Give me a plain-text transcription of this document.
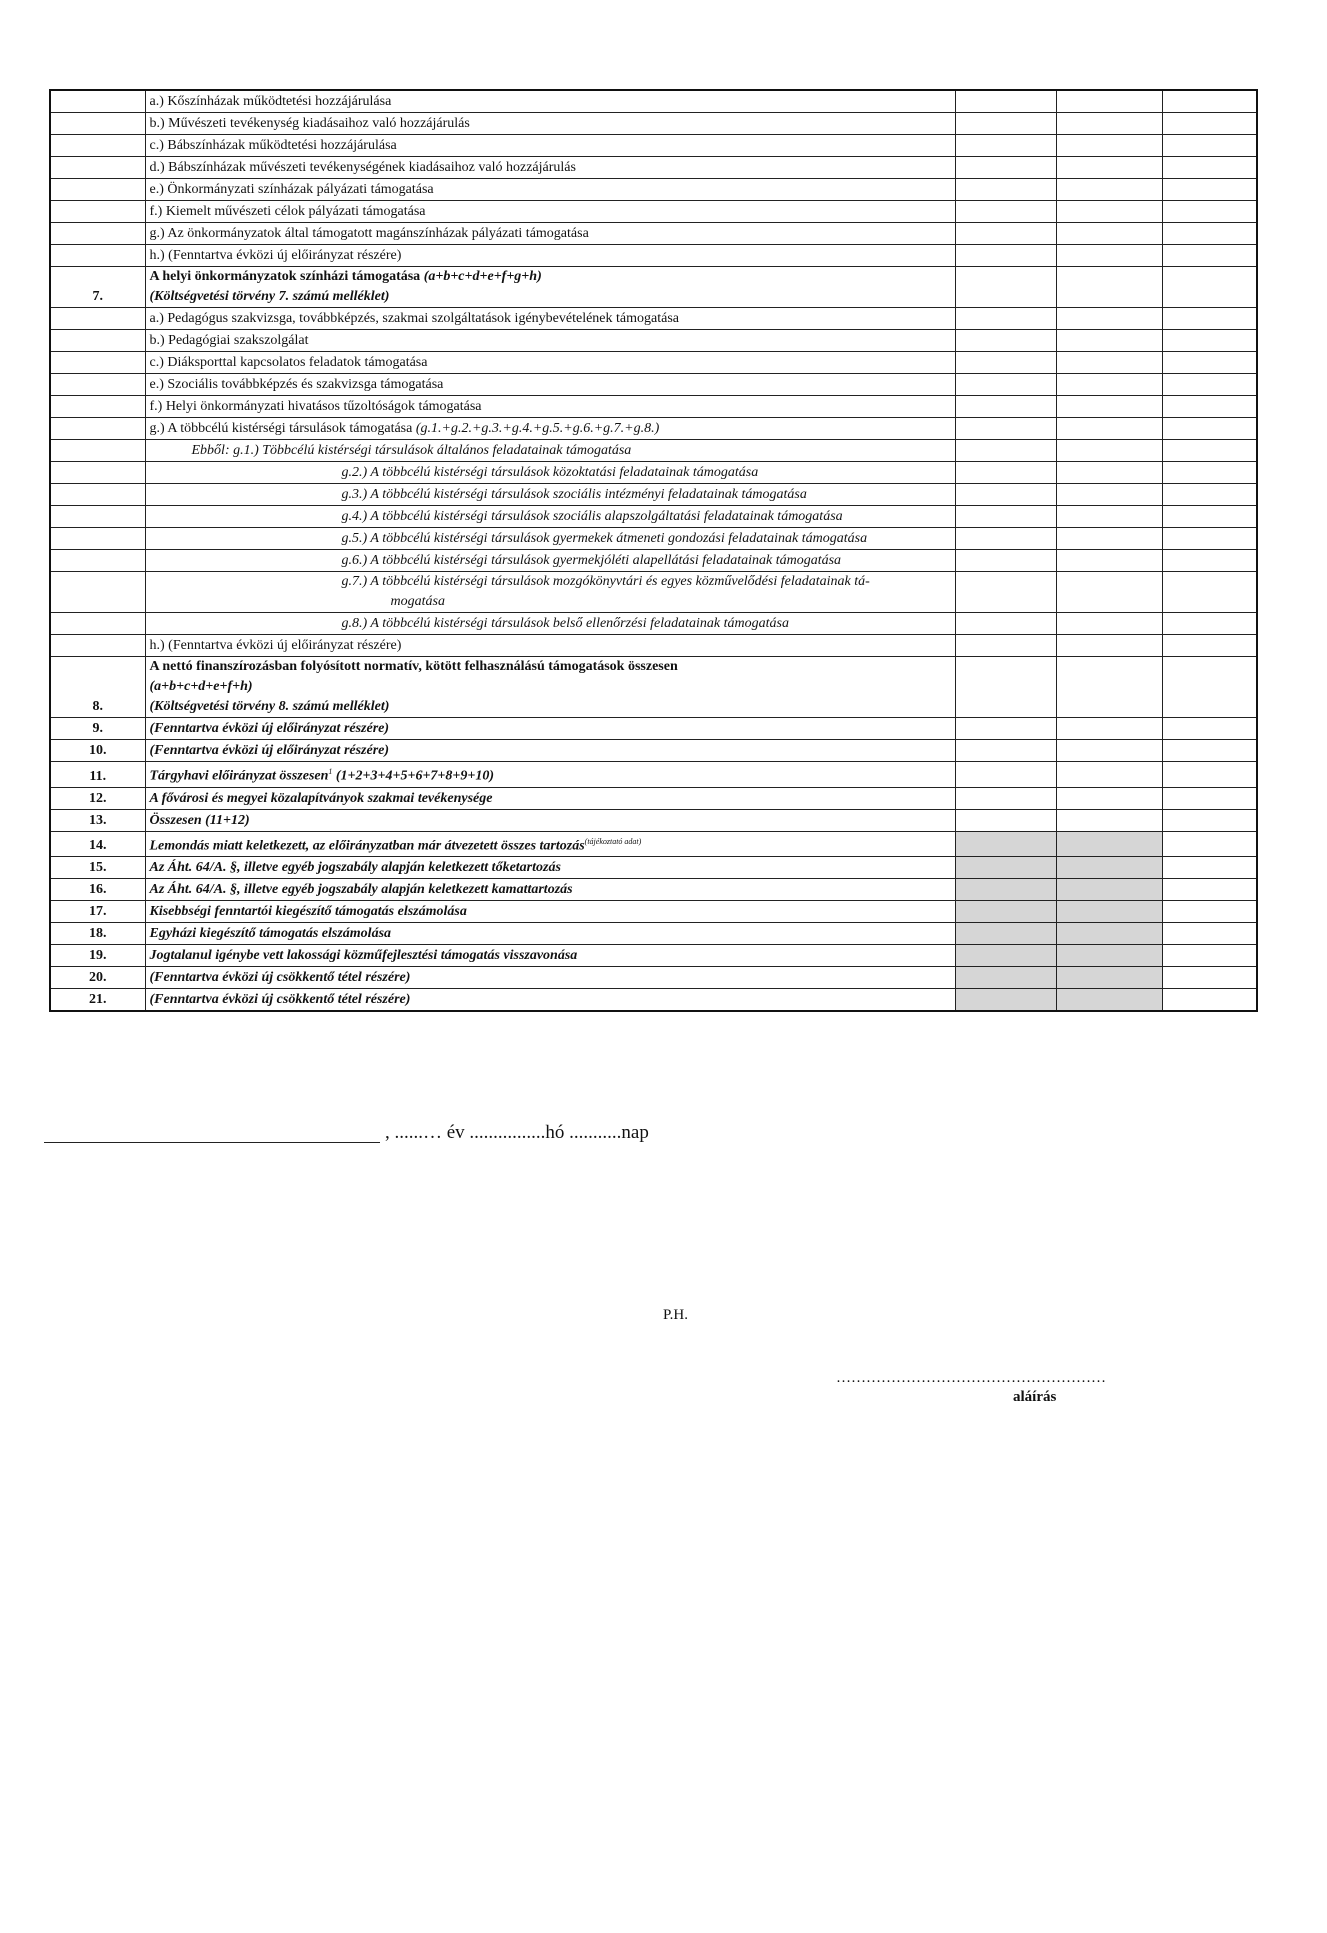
	a.) Kőszínházak működtetési hozzájárulása			
	b.) Művészeti tevékenység kiadásaihoz való hozzájárulás			
	c.) Bábszínházak működtetési hozzájárulása			
	d.) Bábszínházak művészeti tevékenységének kiadásaihoz való hozzájárulás			
	e.) Önkormányzati színházak pályázati támogatása			
	f.) Kiemelt művészeti célok pályázati támogatása			
	g.) Az önkormányzatok által támogatott magánszínházak pályázati támogatása			
	h.) (Fenntartva évközi új előirányzat részére)			
7.	A helyi önkormányzatok színházi támogatása (a+b+c+d+e+f+g+h)
(Költségvetési törvény 7. számú melléklet)			

	a.) Pedagógus szakvizsga, továbbképzés, szakmai szolgáltatások igénybevételének támogatása			
	b.) Pedagógiai szakszolgálat			
	c.) Diáksporttal kapcsolatos feladatok támogatása			
	e.) Szociális továbbképzés és szakvizsga támogatása			
	f.) Helyi önkormányzati hivatásos tűzoltóságok támogatása			
	g.) A többcélú kistérségi társulások támogatása (g.1.+g.2.+g.3.+g.4.+g.5.+g.6.+g.7.+g.8.)			
	Ebből: g.1.) Többcélú kistérségi társulások általános feladatainak támogatása			
	g.2.) A többcélú kistérségi társulások közoktatási feladatainak támogatása			
	g.3.) A többcélú kistérségi társulások szociális intézményi feladatainak támogatása			
	g.4.) A többcélú kistérségi társulások szociális alapszolgáltatási feladatainak támogatása			
	g.5.) A többcélú kistérségi társulások gyermekek átmeneti gondozási feladatainak támogatása			
	g.6.) A többcélú kistérségi társulások gyermekjóléti alapellátási feladatainak támogatása			

	g.7.) A többcélú kistérségi társulások mozgókönyvtári és egyes közművelődési feladatainak tá-
mogatása			

	g.8.) A többcélú kistérségi társulások belső ellenőrzési feladatainak támogatása			
	h.) (Fenntartva évközi új előirányzat részére)			
8.	A nettó finanszírozásban folyósított normatív, kötött felhasználású támogatások összesen
(a+b+c+d+e+f+h)
(Költségvetési törvény 8. számú melléklet)			

9.	(Fenntartva évközi új előirányzat részére)			
10.	(Fenntartva évközi új előirányzat részére)			
11.	Tárgyhavi előirányzat összesen$^1$ (1+2+3+4+5+6+7+8+9+10)			
12.	A fővárosi és megyei közalapítványok szakmai tevékenysége			
13.	Összesen (11+12)			
14.	Lemondás miatt keletkezett, az előirányzatban már átvezetett összes tartozás$^{(tájékoztató adat)}$			
15.	Az Áht. 64/A. §, illetve egyéb jogszabály alapján keletkezett tőketartozás			
16.	Az Áht. 64/A. §, illetve egyéb jogszabály alapján keletkezett kamattartozás			
17.	Kisebbségi fenntartói kiegészítő támogatás elszámolása			
18.	Egyházi kiegészítő támogatás elszámolása			
19.	Jogtalanul igénybe vett lakossági közműfejlesztési támogatás visszavonása			
20.	(Fenntartva évközi új csökkentő tétel részére)			
21.	(Fenntartva évközi új csökkentő tétel részére)			
, ......… év ................hó ...........nap
P.H.
………………………………………………
aláírás
